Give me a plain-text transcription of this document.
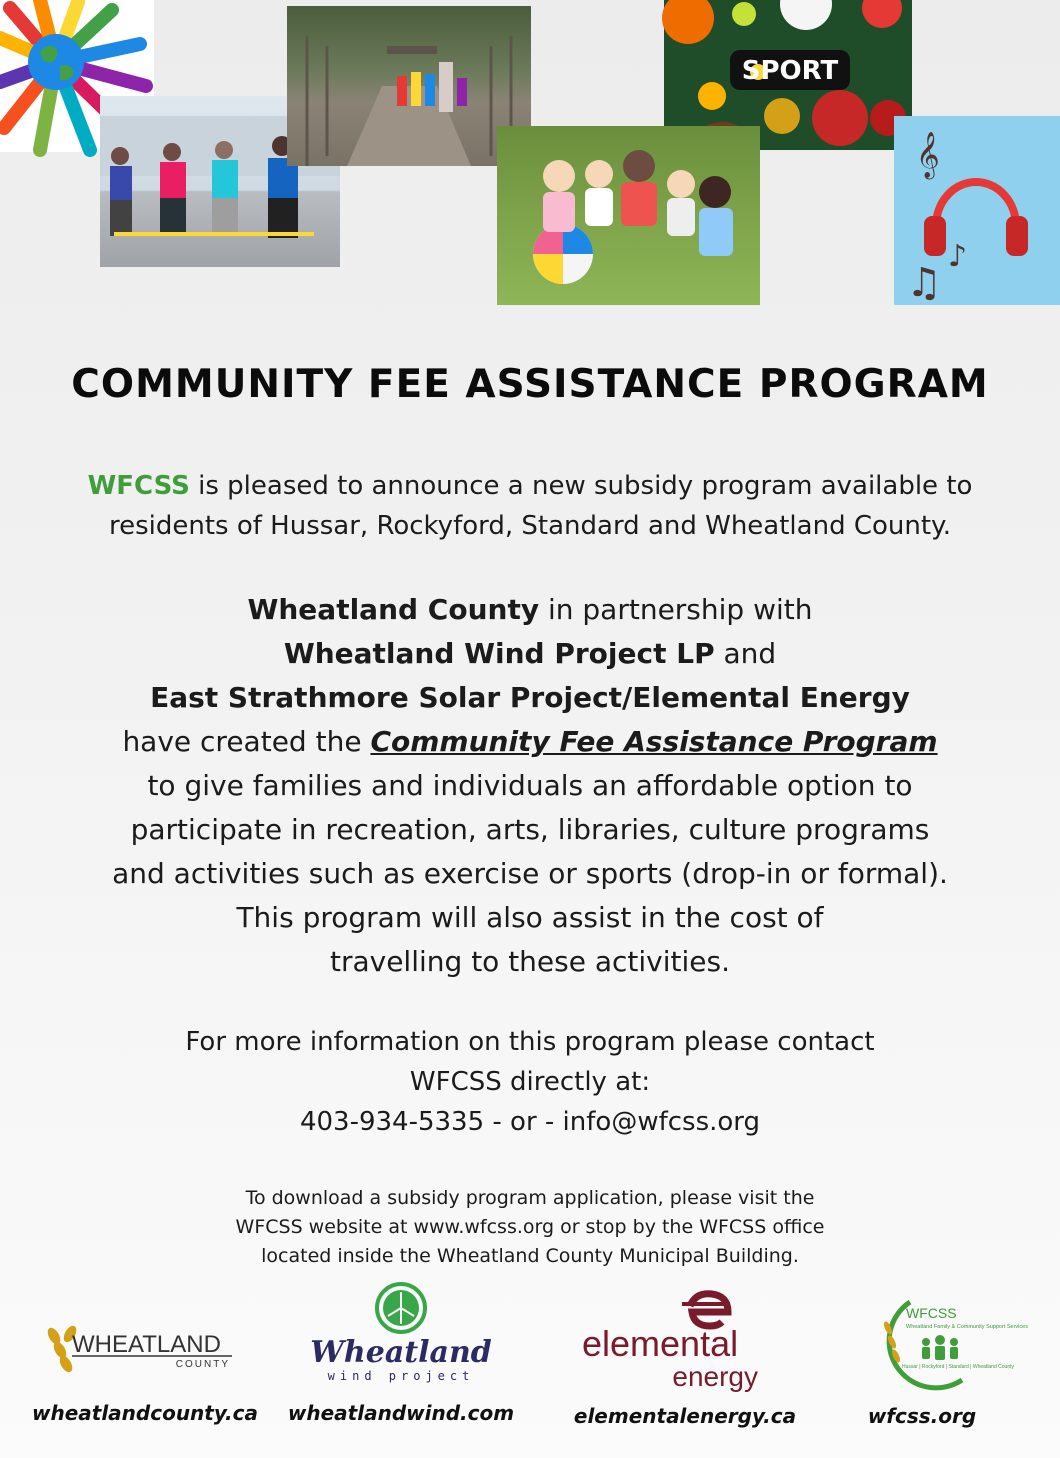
SPORT
𝄞
♫
♪
COMMUNITY FEE ASSISTANCE PROGRAM
WFCSS is pleased to announce a new subsidy program available to
residents of Hussar, Rockyford, Standard and Wheatland County.
Wheatland County in partnership with
Wheatland Wind Project LP and
East Strathmore Solar Project/Elemental Energy
have created the Community Fee Assistance Program
to give families and individuals an affordable option to
participate in recreation, arts, libraries, culture programs
and activities such as exercise or sports (drop-in or formal).
This program will also assist in the cost of
travelling to these activities.
For more information on this program please contact
WFCSS directly at:
403-934-5335 - or - info@wfcss.org
To download a subsidy program application, please visit the
WFCSS website at www.wfcss.org or stop by the WFCSS office
located inside the Wheatland County Municipal Building.
WHEATLAND
COUNTY	Wheatland
wind project
elemental
energy
WFCSS
Wheatland Family & Community Support Services
Hussar | Rockyford | Standard | Wheatland County
wheatlandcounty.ca	wheatlandwind.com	elementalenergy.ca	wfcss.org
